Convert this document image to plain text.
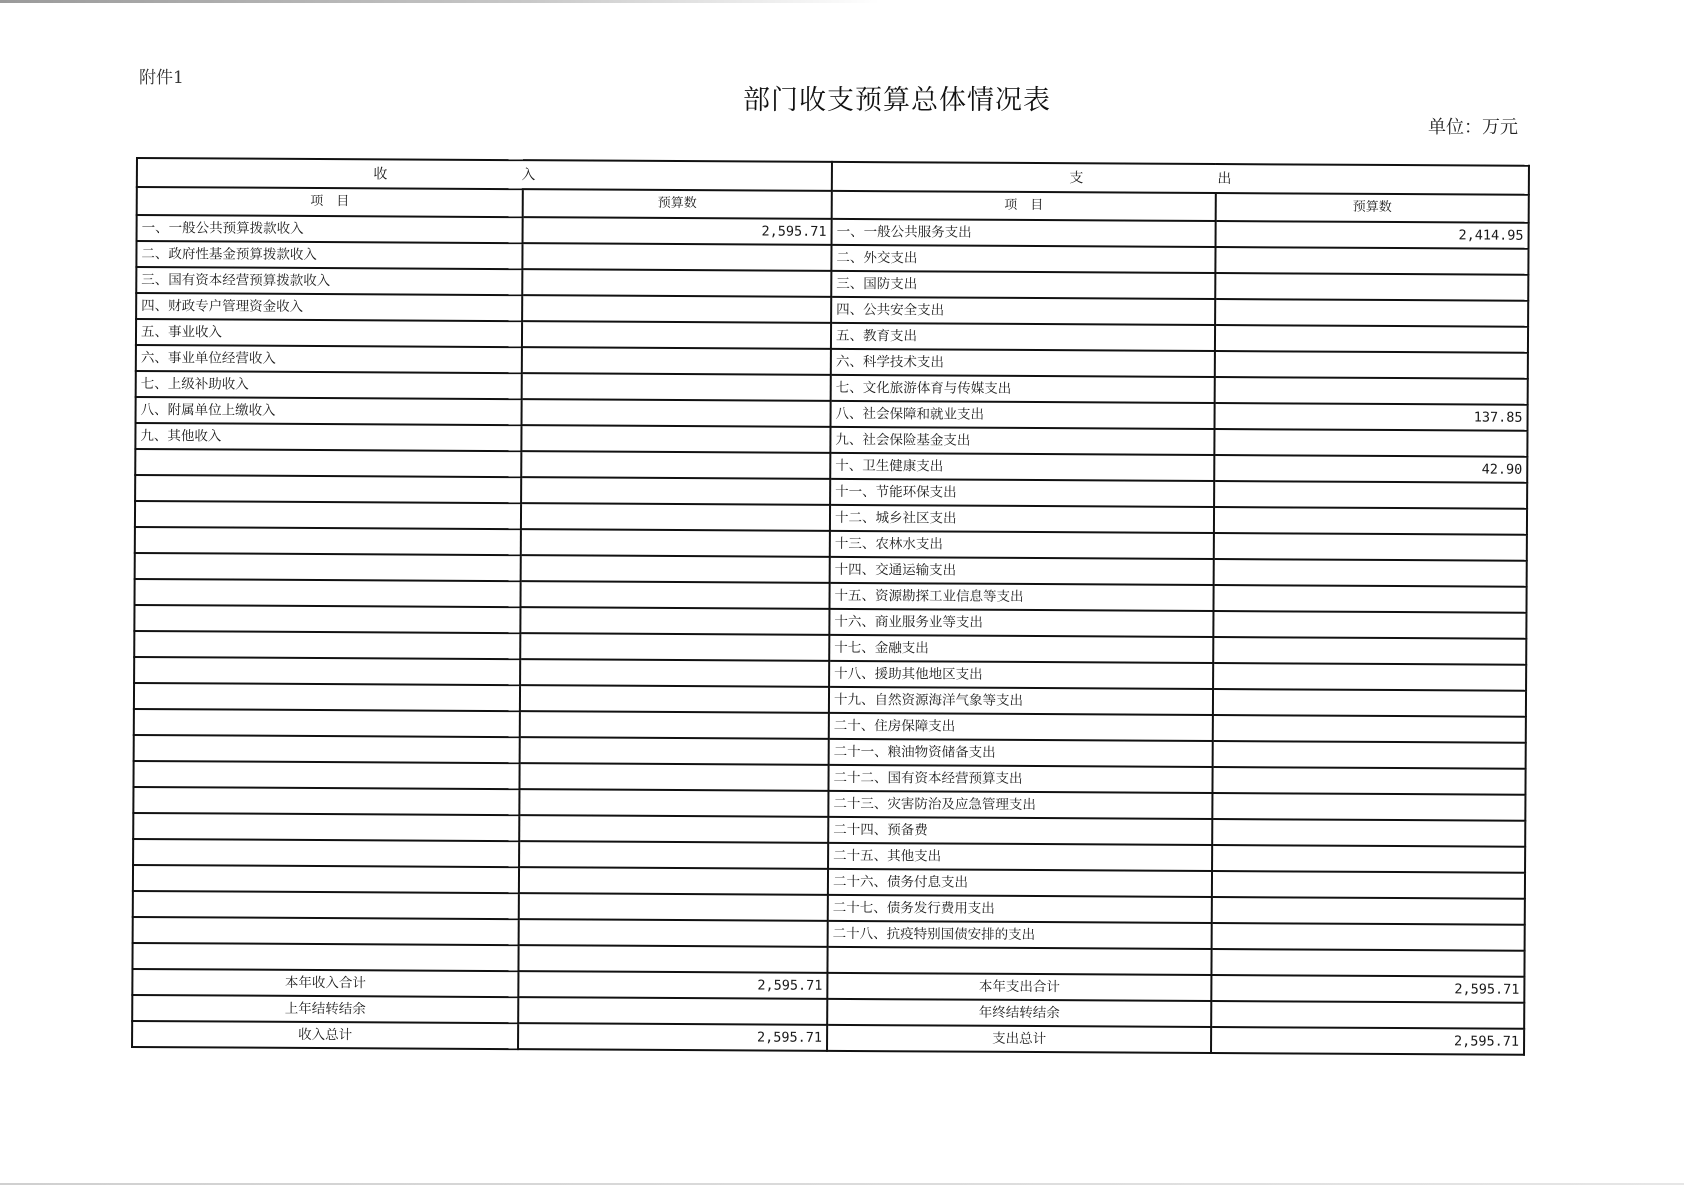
附件1
部门收支预算总体情况表
单位：万元
收　入		支　出	
项　目	预算数	项　目	预算数
一、一般公共预算拨款收入	2,595.71	一、一般公共服务支出	2,414.95
二、政府性基金预算拨款收入		二、外交支出	
三、国有资本经营预算拨款收入		三、国防支出	
四、财政专户管理资金收入		四、公共安全支出	
五、事业收入		五、教育支出	
六、事业单位经营收入		六、科学技术支出	
七、上级补助收入		七、文化旅游体育与传媒支出	
八、附属单位上缴收入		八、社会保障和就业支出	137.85
九、其他收入		九、社会保险基金支出	
		十、卫生健康支出	42.90
		十一、节能环保支出	
		十二、城乡社区支出	
		十三、农林水支出	
		十四、交通运输支出	
		十五、资源勘探工业信息等支出	
		十六、商业服务业等支出	
		十七、金融支出	
		十八、援助其他地区支出	
		十九、自然资源海洋气象等支出	
		二十、住房保障支出	
		二十一、粮油物资储备支出	
		二十二、国有资本经营预算支出	
		二十三、灾害防治及应急管理支出	
		二十四、预备费	
		二十五、其他支出	
		二十六、债务付息支出	
		二十七、债务发行费用支出	
		二十八、抗疫特别国债安排的支出	

本年收入合计	2,595.71	本年支出合计	2,595.71
上年结转结余		年终结转结余	
收入总计	2,595.71	支出总计	2,595.71
